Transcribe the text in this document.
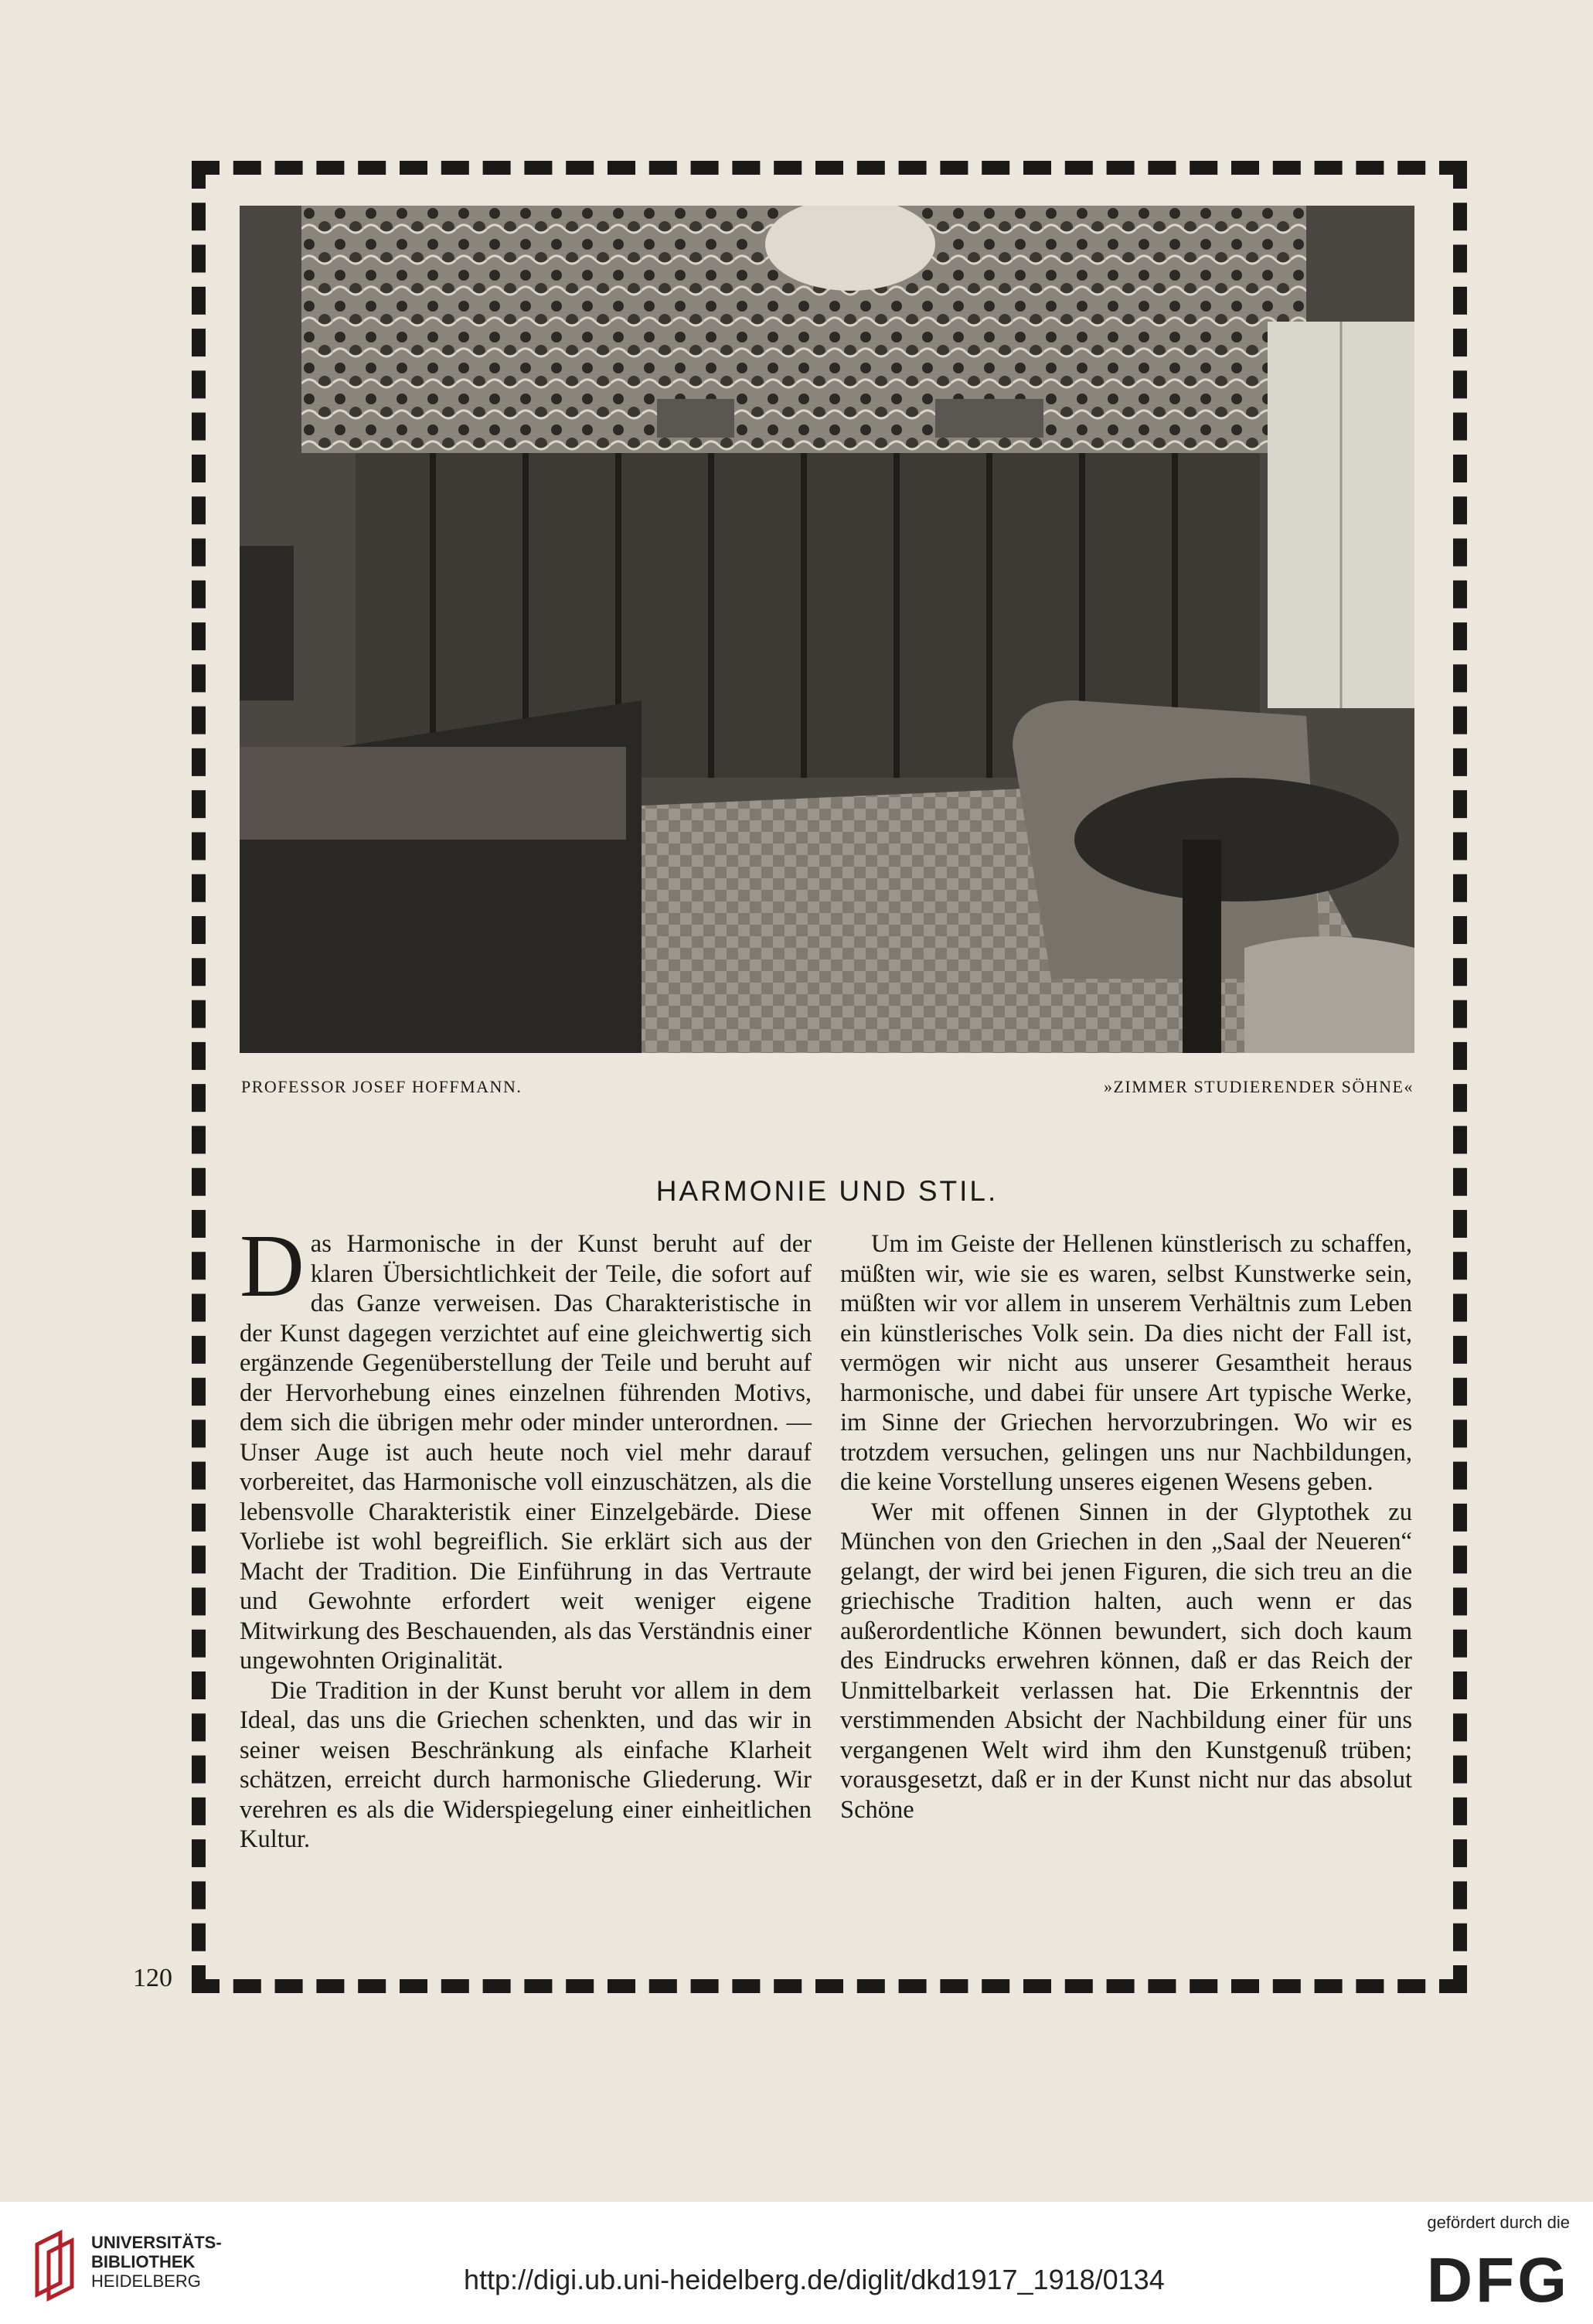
PROFESSOR JOSEF HOFFMANN.	»ZIMMER STUDIERENDER SÖHNE«
HARMONIE UND STIL.

Das Harmonische in der Kunst beruht auf der klaren Übersichtlichkeit der Teile, die sofort auf das Ganze verweisen. Das Charakteristische in der Kunst dagegen verzichtet auf eine gleichwertig sich ergänzende Gegenüberstellung der Teile und beruht auf der Hervorhebung eines einzelnen führenden Motivs, dem sich die übrigen mehr oder minder unterordnen. — Unser Auge ist auch heute noch viel mehr darauf vorbereitet, das Harmonische voll einzuschätzen, als die lebensvolle Charakteristik einer Einzelgebärde. Diese Vorliebe ist wohl begreiflich. Sie erklärt sich aus der Macht der Tradition. Die Einführung in das Vertraute und Gewohnte erfordert weit weniger eigene Mitwirkung des Beschauenden, als das Verständnis einer ungewohnten Originalität.

Die Tradition in der Kunst beruht vor allem in dem Ideal, das uns die Griechen schenkten, und das wir in seiner weisen Beschränkung als einfache Klarheit schätzen, erreicht durch harmonische Gliederung. Wir verehren es als die Widerspiegelung einer einheitlichen Kultur.

Um im Geiste der Hellenen künstlerisch zu schaffen, müßten wir, wie sie es waren, selbst Kunstwerke sein, müßten wir vor allem in unserem Verhältnis zum Leben ein künstlerisches Volk sein. Da dies nicht der Fall ist, vermögen wir nicht aus unserer Gesamtheit heraus harmonische, und dabei für unsere Art typische Werke, im Sinne der Griechen hervorzubringen. Wo wir es trotzdem versuchen, gelingen uns nur Nachbildungen, die keine Vorstellung unseres eigenen Wesens geben.

Wer mit offenen Sinnen in der Glyptothek zu München von den Griechen in den „Saal der Neueren“ gelangt, der wird bei jenen Figuren, die sich treu an die griechische Tradition halten, auch wenn er das außerordentliche Können bewundert, sich doch kaum des Eindrucks erwehren können, daß er das Reich der Unmittelbarkeit verlassen hat. Die Erkenntnis der verstimmenden Absicht der Nachbildung einer für uns vergangenen Welt wird ihm den Kunstgenuß trüben; vorausgesetzt, daß er in der Kunst nicht nur das absolut Schöne

120
UNIVERSITÄTS-
BIBLIOTHEK
HEIDELBERG	http://digi.ub.uni-heidelberg.de/diglit/dkd1917_1918/0134
gefördert durch die
DFG
